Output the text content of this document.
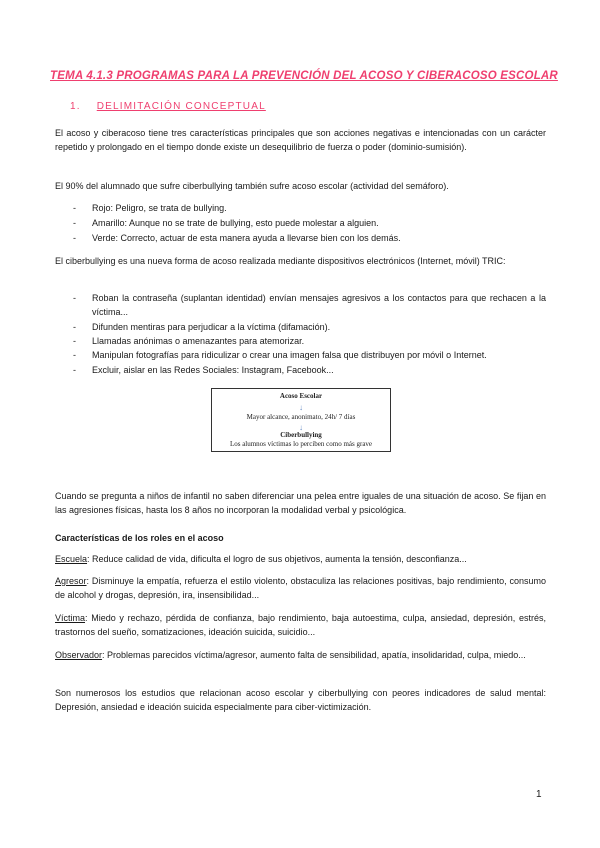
TEMA 4.1.3 PROGRAMAS PARA LA PREVENCIÓN DEL ACOSO Y CIBERACOSO ESCOLAR
1. DELIMITACIÓN CONCEPTUAL

El acoso y ciberacoso tiene tres características principales que son acciones negativas e intencionadas con un carácter repetido y prolongado en el tiempo donde existe un desequilibrio de fuerza o poder (dominio-sumisión).

El 90% del alumnado que sufre ciberbullying también sufre acoso escolar (actividad del semáforo).

- Rojo: Peligro, se trata de bullying.
- Amarillo: Aunque no se trate de bullying, esto puede molestar a alguien.
- Verde: Correcto, actuar de esta manera ayuda a llevarse bien con los demás.

El ciberbullying es una nueva forma de acoso realizada mediante dispositivos electrónicos (Internet, móvil) TRIC:

- Roban la contraseña (suplantan identidad) envían mensajes agresivos a los contactos para que rechacen a la víctima...
- Difunden mentiras para perjudicar a la víctima (difamación).
- Llamadas anónimas o amenazantes para atemorizar.
- Manipulan fotografías para ridiculizar o crear una imagen falsa que distribuyen por móvil o Internet.
- Excluir, aislar en las Redes Sociales: Instagram, Facebook...
Acoso Escolar
↓
Mayor alcance, anonimato, 24h/ 7 días
↓
Ciberbullying
Los alumnos víctimas lo perciben como más grave

Cuando se pregunta a niños de infantil no saben diferenciar una pelea entre iguales de una situación de acoso. Se fijan en las agresiones físicas, hasta los 8 años no incorporan la modalidad verbal y psicológica.

Características de los roles en el acoso

Escuela: Reduce calidad de vida, dificulta el logro de sus objetivos, aumenta la tensión, desconfianza...

Agresor: Disminuye la empatía, refuerza el estilo violento, obstaculiza las relaciones positivas, bajo rendimiento, consumo de alcohol y drogas, depresión, ira, insensibilidad...

Víctima: Miedo y rechazo, pérdida de confianza, bajo rendimiento, baja autoestima, culpa, ansiedad, depresión, estrés, trastornos del sueño, somatizaciones, ideación suicida, suicidio...

Observador: Problemas parecidos víctima/agresor, aumento falta de sensibilidad, apatía, insolidaridad, culpa, miedo...

Son numerosos los estudios que relacionan acoso escolar y ciberbullying con peores indicadores de salud mental: Depresión, ansiedad e ideación suicida especialmente para ciber-victimización.

1
